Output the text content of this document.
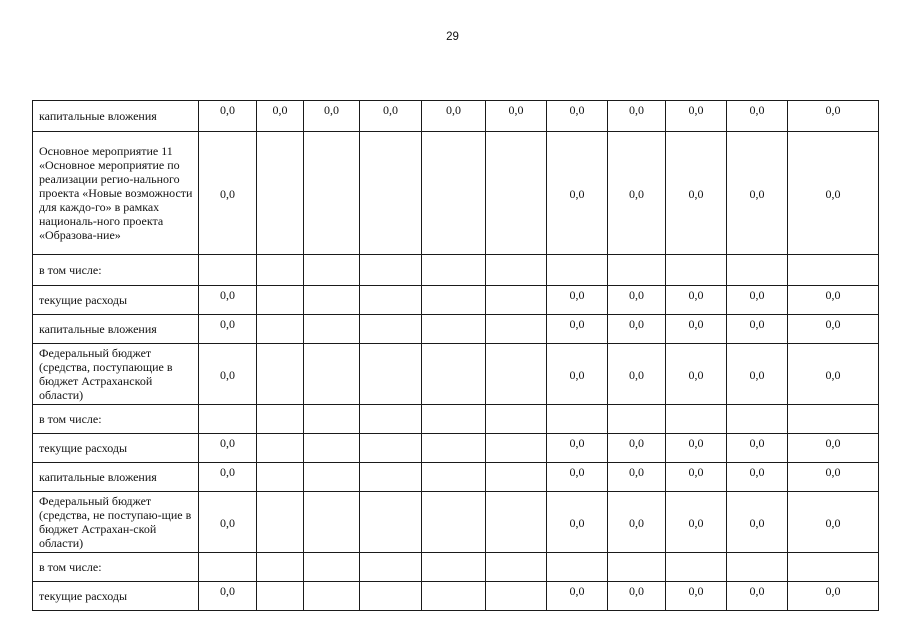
29
капитальные вложения	0,0	0,0	0,0	0,0	0,0	0,0	0,0	0,0	0,0	0,0	0,0
Основное мероприятие 11 «Основное мероприятие по реализации регио-нального проекта «Новые возможности для каждо-го» в рамках националь-ного проекта «Образова-ние»	0,0						0,0	0,0	0,0	0,0	0,0
в том числе:											
текущие расходы	0,0						0,0	0,0	0,0	0,0	0,0
капитальные вложения	0,0						0,0	0,0	0,0	0,0	0,0
Федеральный бюджет (средства, поступающие в бюджет Астраханской области)	0,0						0,0	0,0	0,0	0,0	0,0
в том числе:											
текущие расходы	0,0						0,0	0,0	0,0	0,0	0,0
капитальные вложения	0,0						0,0	0,0	0,0	0,0	0,0
Федеральный бюджет (средства, не поступаю-щие в бюджет Астрахан-ской области)	0,0						0,0	0,0	0,0	0,0	0,0
в том числе:											
текущие расходы	0,0						0,0	0,0	0,0	0,0	0,0
